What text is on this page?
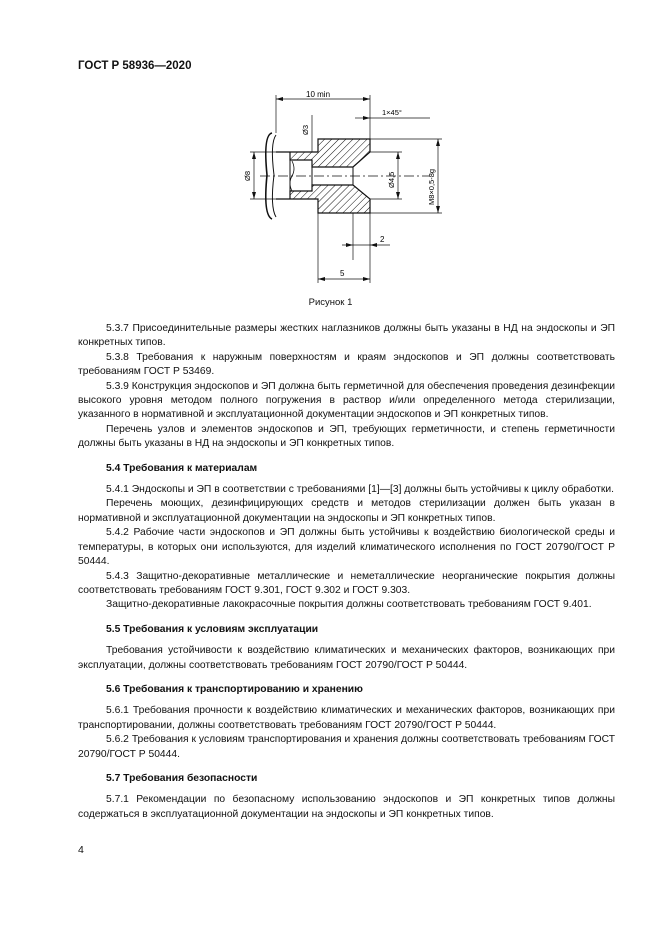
ГОСТ Р 58936—2020
10 min
1×45°
Ø3
Ø8	Ø4,5	M8×0,5-8g
2
5
Рисунок 1

5.3.7 Присоединительные размеры жестких наглазников должны быть указаны в НД на эндоскопы и ЭП конкретных типов.

5.3.8 Требования к наружным поверхностям и краям эндоскопов и ЭП должны соответствовать требованиям ГОСТ Р 53469.

5.3.9 Конструкция эндоскопов и ЭП должна быть герметичной для обеспечения проведения дезинфекции высокого уровня методом полного погружения в раствор и/или определенного метода стерилизации, указанного в нормативной и эксплуатационной документации эндоскопов и ЭП конкретных типов.

Перечень узлов и элементов эндоскопов и ЭП, требующих герметичности, и степень герметичности должны быть указаны в НД на эндоскопы и ЭП конкретных типов.

5.4 Требования к материалам

5.4.1 Эндоскопы и ЭП в соответствии с требованиями [1]—[3] должны быть устойчивы к циклу обработки.

Перечень моющих, дезинфицирующих средств и методов стерилизации должен быть указан в нормативной и эксплуатационной документации на эндоскопы и ЭП конкретных типов.

5.4.2 Рабочие части эндоскопов и ЭП должны быть устойчивы к воздействию биологической среды и температуры, в которых они используются, для изделий климатического исполнения по ГОСТ 20790/ГОСТ Р 50444.

5.4.3 Защитно-декоративные металлические и неметаллические неорганические покрытия должны соответствовать требованиям ГОСТ 9.301, ГОСТ 9.302 и ГОСТ 9.303.

Защитно-декоративные лакокрасочные покрытия должны соответствовать требованиям ГОСТ 9.401.

5.5 Требования к условиям эксплуатации

Требования устойчивости к воздействию климатических и механических факторов, возникающих при эксплуатации, должны соответствовать требованиям ГОСТ 20790/ГОСТ Р 50444.

5.6 Требования к транспортированию и хранению

5.6.1 Требования прочности к воздействию климатических и механических факторов, возникающих при транспортировании, должны соответствовать требованиям ГОСТ 20790/ГОСТ Р 50444.

5.6.2 Требования к условиям транспортирования и хранения должны соответствовать требованиям ГОСТ 20790/ГОСТ Р 50444.

5.7 Требования безопасности

5.7.1 Рекомендации по безопасному использованию эндоскопов и ЭП конкретных типов должны содержаться в эксплуатационной документации на эндоскопы и ЭП конкретных типов.

4
